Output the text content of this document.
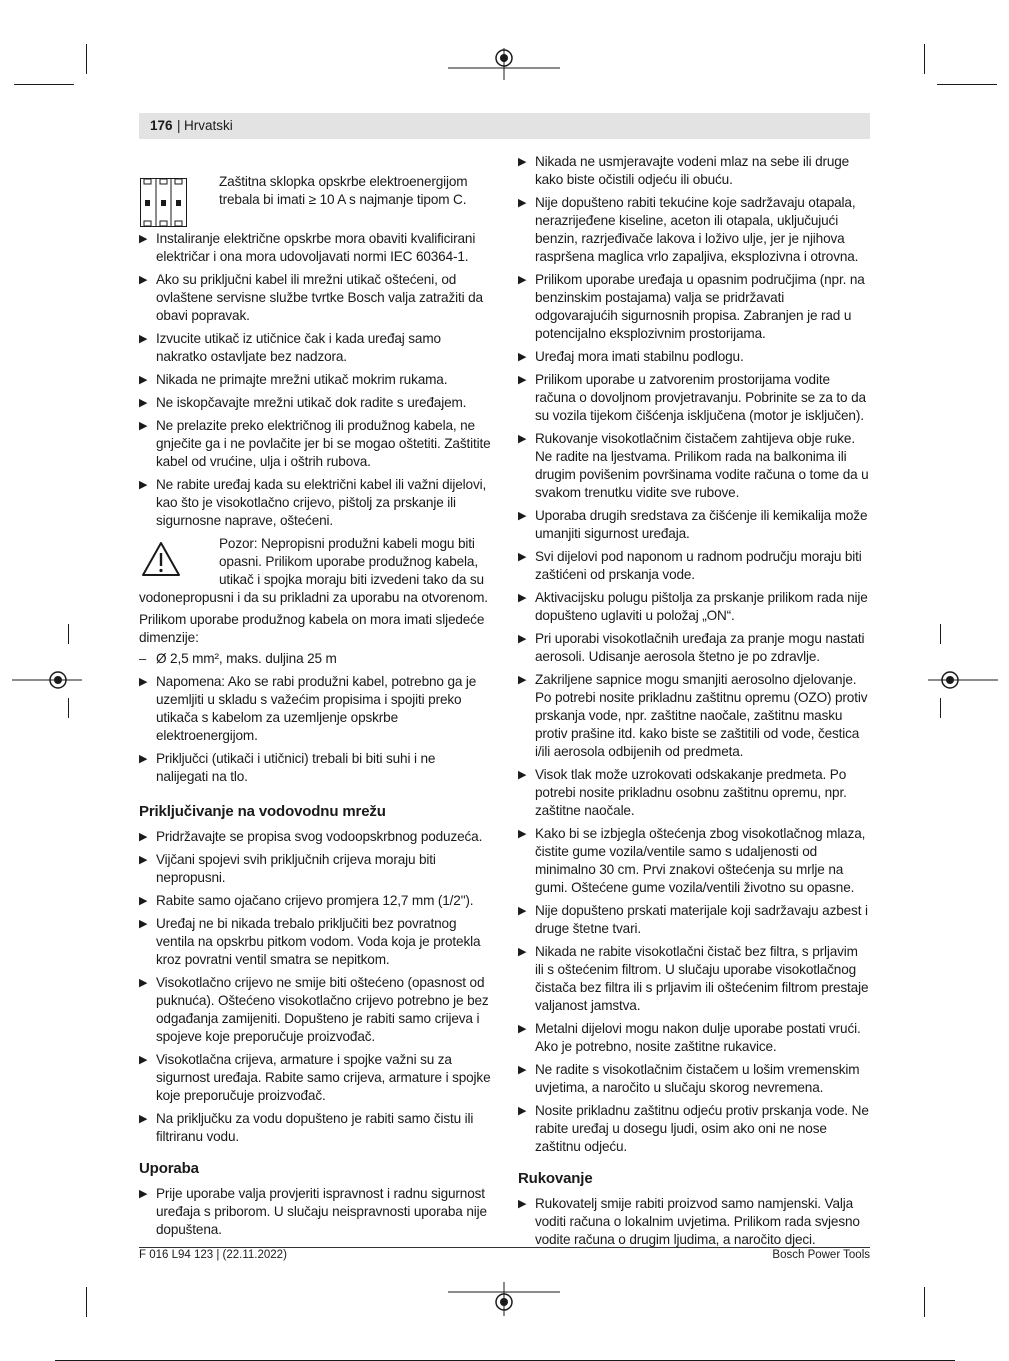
176 | Hrvatski

Zaštitna sklopka opskrbe elektroenergijom trebala bi imati ≥ 10 A s najmanje tipom C.

▶ Instaliranje električne opskrbe mora obaviti kvalificirani električar i ona mora udovoljavati normi IEC 60364-1.
▶ Ako su priključni kabel ili mrežni utikač oštećeni, od ovlaštene servisne službe tvrtke Bosch valja zatražiti da obavi popravak.
▶ Izvucite utikač iz utičnice čak i kada uređaj samo nakratko ostavljate bez nadzora.
▶ Nikada ne primajte mrežni utikač mokrim rukama.
▶ Ne iskopčavajte mrežni utikač dok radite s uređajem.
▶ Ne prelazite preko električnog ili produžnog kabela, ne gnječite ga i ne povlačite jer bi se mogao oštetiti. Zaštitite kabel od vrućine, ulja i oštrih rubova.
▶ Ne rabite uređaj kada su električni kabel ili važni dijelovi, kao što je visokotlačno crijevo, pištolj za prskanje ili sigurnosne naprave, oštećeni.

Pozor: Nepropisni produžni kabeli mogu biti opasni. Prilikom uporabe produžnog kabela, utikač i spojka moraju biti izvedeni tako da su

vodonepropusni i da su prikladni za uporabu na otvorenom.

Prilikom uporabe produžnog kabela on mora imati sljedeće dimenzije:

– Ø 2,5 mm², maks. duljina 25 m
▶ Napomena: Ako se rabi produžni kabel, potrebno ga je uzemljiti u skladu s važećim propisima i spojiti preko utikača s kabelom za uzemljenje opskrbe elektroenergijom.
▶ Priključci (utikači i utičnici) trebali bi biti suhi i ne nalijegati na tlo.

Priključivanje na vodovodnu mrežu

▶ Pridržavajte se propisa svog vodoopskrbnog poduzeća.
▶ Vijčani spojevi svih priključnih crijeva moraju biti nepropusni.
▶ Rabite samo ojačano crijevo promjera 12,7 mm (1/2").
▶ Uređaj ne bi nikada trebalo priključiti bez povratnog ventila na opskrbu pitkom vodom. Voda koja je protekla kroz povratni ventil smatra se nepitkom.
▶ Visokotlačno crijevo ne smije biti oštećeno (opasnost od puknuća). Oštećeno visokotlačno crijevo potrebno je bez odgađanja zamijeniti. Dopušteno je rabiti samo crijeva i spojeve koje preporučuje proizvođač.
▶ Visokotlačna crijeva, armature i spojke važni su za sigurnost uređaja. Rabite samo crijeva, armature i spojke koje preporučuje proizvođač.
▶ Na priključku za vodu dopušteno je rabiti samo čistu ili filtriranu vodu.

Uporaba

▶ Prije uporabe valja provjeriti ispravnost i radnu sigurnost uređaja s priborom. U slučaju neispravnosti uporaba nije dopuštena.
▶ Nikada ne usmjeravajte vodeni mlaz na sebe ili druge kako biste očistili odjeću ili obuću.
▶ Nije dopušteno rabiti tekućine koje sadržavaju otapala, nerazrijeđene kiseline, aceton ili otapala, uključujući benzin, razrjeđivače lakova i loživo ulje, jer je njihova raspršena maglica vrlo zapaljiva, eksplozivna i otrovna.
▶ Prilikom uporabe uređaja u opasnim područjima (npr. na benzinskim postajama) valja se pridržavati odgovarajućih sigurnosnih propisa. Zabranjen je rad u potencijalno eksplozivnim prostorijama.
▶ Uređaj mora imati stabilnu podlogu.
▶ Prilikom uporabe u zatvorenim prostorijama vodite računa o dovoljnom provjetravanju. Pobrinite se za to da su vozila tijekom čišćenja isključena (motor je isključen).
▶ Rukovanje visokotlačnim čistačem zahtijeva obje ruke. Ne radite na ljestvama. Prilikom rada na balkonima ili drugim povišenim površinama vodite računa o tome da u svakom trenutku vidite sve rubove.
▶ Uporaba drugih sredstava za čišćenje ili kemikalija može umanjiti sigurnost uređaja.
▶ Svi dijelovi pod naponom u radnom području moraju biti zaštićeni od prskanja vode.
▶ Aktivacijsku polugu pištolja za prskanje prilikom rada nije dopušteno uglaviti u položaj „ON“.
▶ Pri uporabi visokotlačnih uređaja za pranje mogu nastati aerosoli. Udisanje aerosola štetno je po zdravlje.
▶ Zakriljene sapnice mogu smanjiti aerosolno djelovanje. Po potrebi nosite prikladnu zaštitnu opremu (OZO) protiv prskanja vode, npr. zaštitne naočale, zaštitnu masku protiv prašine itd. kako biste se zaštitili od vode, čestica i/ili aerosola odbijenih od predmeta.
▶ Visok tlak može uzrokovati odskakanje predmeta. Po potrebi nosite prikladnu osobnu zaštitnu opremu, npr. zaštitne naočale.
▶ Kako bi se izbjegla oštećenja zbog visokotlačnog mlaza, čistite gume vozila/ventile samo s udaljenosti od minimalno 30 cm. Prvi znakovi oštećenja su mrlje na gumi. Oštećene gume vozila/ventili životno su opasne.
▶ Nije dopušteno prskati materijale koji sadržavaju azbest i druge štetne tvari.
▶ Nikada ne rabite visokotlačni čistač bez filtra, s prljavim ili s oštećenim filtrom. U slučaju uporabe visokotlačnog čistača bez filtra ili s prljavim ili oštećenim filtrom prestaje valjanost jamstva.
▶ Metalni dijelovi mogu nakon dulje uporabe postati vrući. Ako je potrebno, nosite zaštitne rukavice.
▶ Ne radite s visokotlačnim čistačem u lošim vremenskim uvjetima, a naročito u slučaju skorog nevremena.
▶ Nosite prikladnu zaštitnu odjeću protiv prskanja vode. Ne rabite uređaj u dosegu ljudi, osim ako oni ne nose zaštitnu odjeću.

Rukovanje

▶ Rukovatelj smije rabiti proizvod samo namjenski. Valja voditi računa o lokalnim uvjetima. Prilikom rada svjesno vodite računa o drugim ljudima, a naročito djeci.
F 016 L94 123 | (22.11.2022)	Bosch Power Tools
